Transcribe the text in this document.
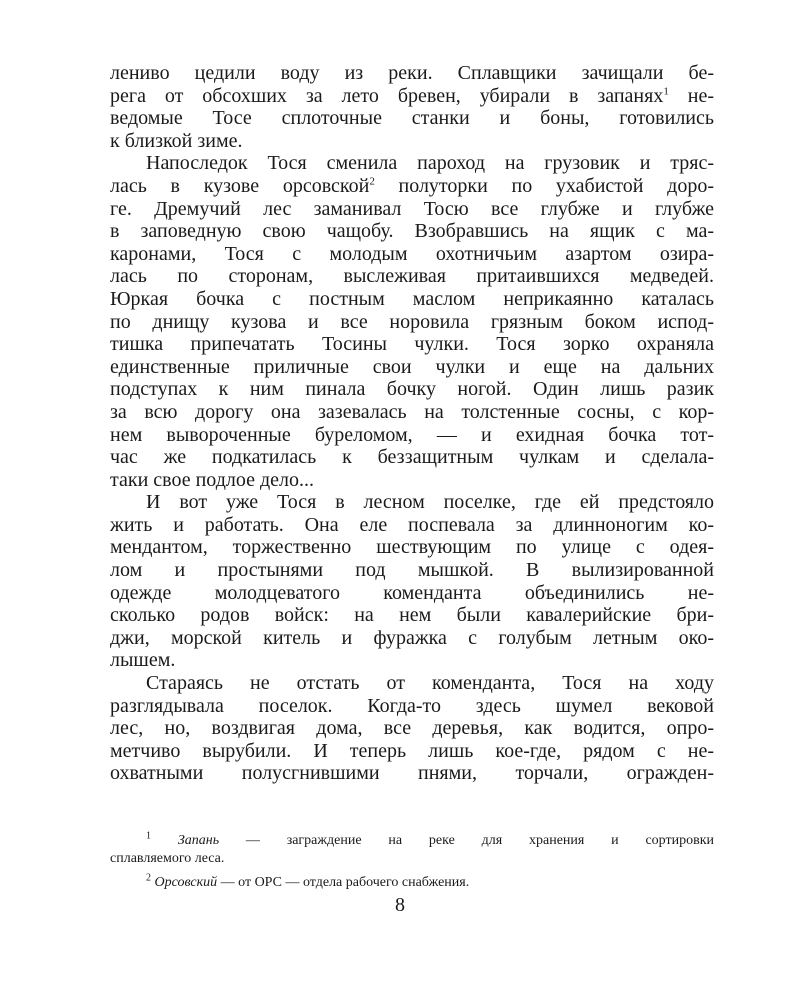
лениво цедили воду из реки. Сплавщики зачищали бе-
рега от обсохших за лето бревен, убирали в запанях$^1$ не-
ведомые Тосе сплоточные станки и боны, готовились
к близкой зиме.
Напоследок Тося сменила пароход на грузовик и тряс-
лась в кузове орсовской$^2$ полуторки по ухабистой доро-
ге. Дремучий лес заманивал Тосю все глубже и глубже
в заповедную свою чащобу. Взобравшись на ящик с ма-
каронами, Тося с молодым охотничьим азартом озира-
лась по сторонам, выслеживая притаившихся медведей.
Юркая бочка с постным маслом неприкаянно каталась
по днищу кузова и все норовила грязным боком испод-
тишка припечатать Тосины чулки. Тося зорко охраняла
единственные приличные свои чулки и еще на дальних
подступах к ним пинала бочку ногой. Один лишь разик
за всю дорогу она зазевалась на толстенные сосны, с кор-
нем вывороченные буреломом, — и ехидная бочка тот-
час же подкатилась к беззащитным чулкам и сделала-
таки свое подлое дело...
И вот уже Тося в лесном поселке, где ей предстояло
жить и работать. Она еле поспевала за длинноногим ко-
мендантом, торжественно шествующим по улице с одея-
лом и простынями под мышкой. В вылизированной
одежде молодцеватого коменданта объединились не-
сколько родов войск: на нем были кавалерийские бри-
джи, морской китель и фуражка с голубым летным око-
лышем.
Стараясь не отстать от коменданта, Тося на ходу
разглядывала поселок. Когда-то здесь шумел вековой
лес, но, воздвигая дома, все деревья, как водится, опро-
метчиво вырубили. И теперь лишь кое-где, рядом с не-
охватными полусгнившими пнями, торчали, огражден-
$^1$ Запань — заграждение на реке для хранения и сортировки
сплавляемого леса.
$^2$ Орсовский — от ОРС — отдела рабочего снабжения.
8
